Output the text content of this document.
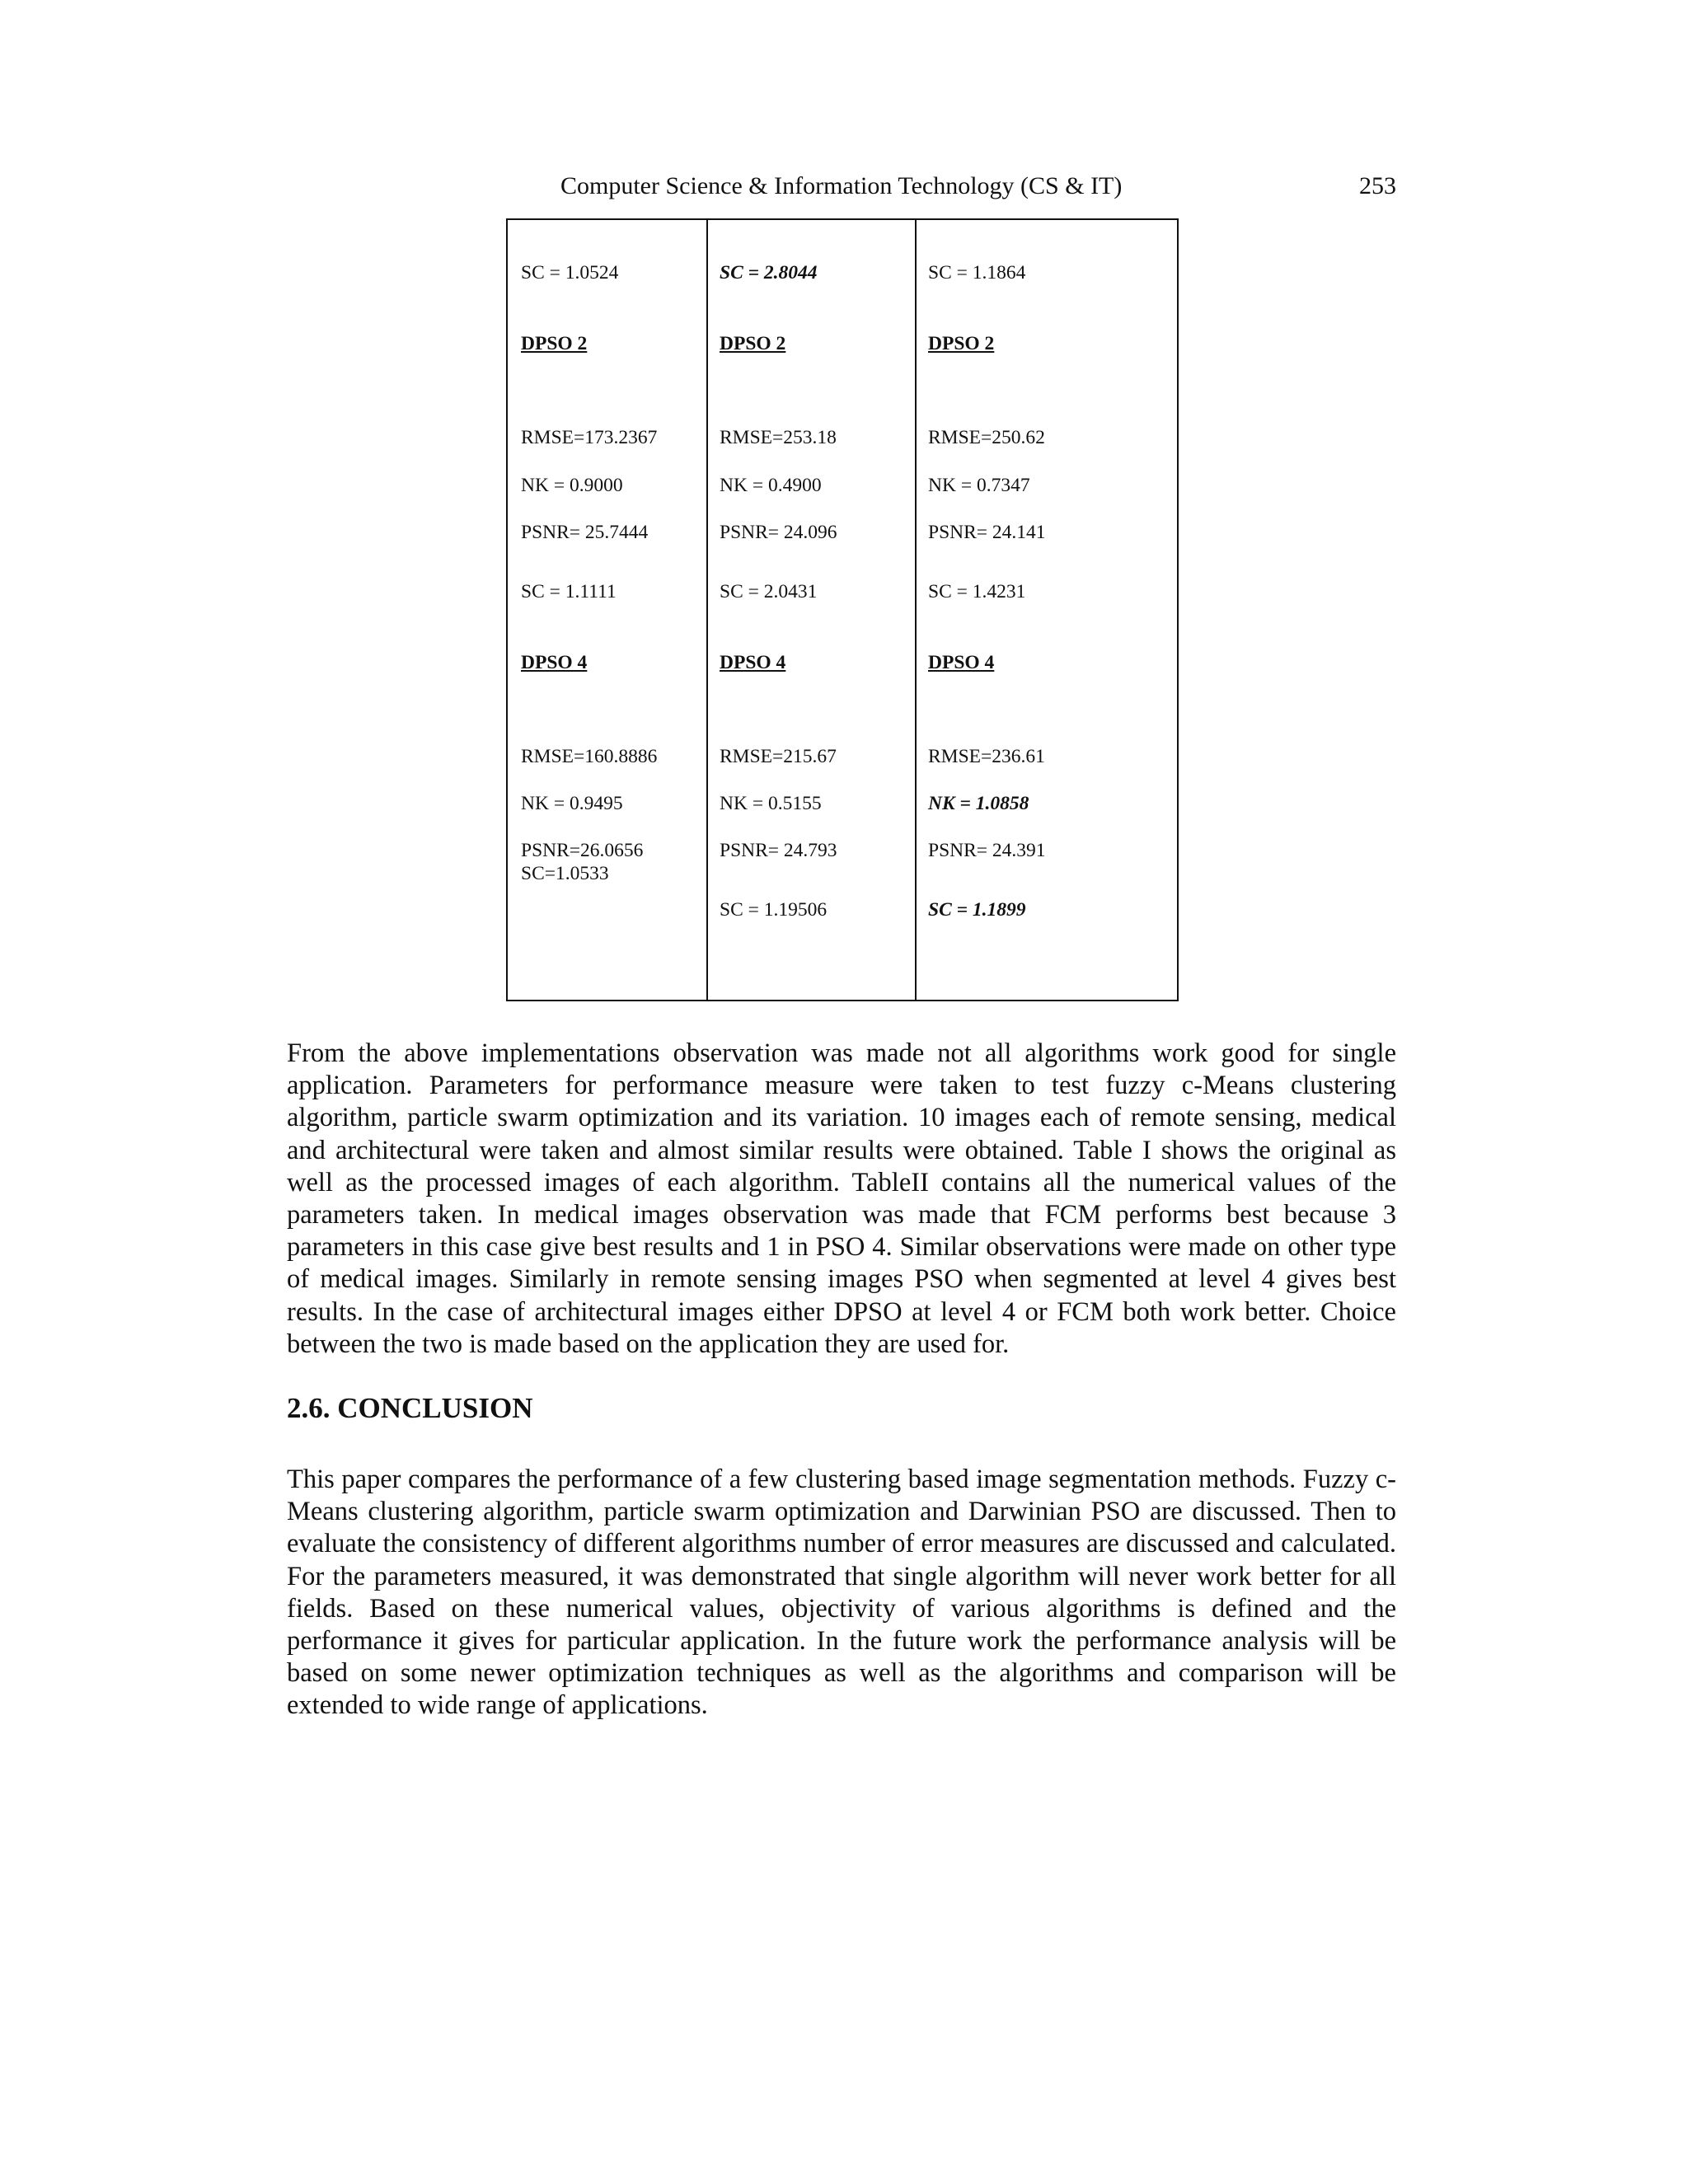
Computer Science & Information Technology (CS & IT)	253
SC = 1.0524
DPSO 2
RMSE=173.2367
NK = 0.9000
PSNR= 25.7444
SC = 1.1111
DPSO 4
RMSE=160.8886
NK = 0.9495
PSNR=26.0656
SC=1.0533
SC = 2.8044
DPSO 2
RMSE=253.18
NK = 0.4900
PSNR= 24.096
SC = 2.0431
DPSO 4
RMSE=215.67
NK = 0.5155
PSNR= 24.793
SC = 1.19506
SC = 1.1864
DPSO 2
RMSE=250.62
NK = 0.7347
PSNR= 24.141
SC = 1.4231
DPSO 4
RMSE=236.61
NK = 1.0858
PSNR= 24.391
SC = 1.1899

From the above implementations observation was made not all algorithms work good for single application. Parameters for performance measure were taken to test fuzzy c-Means clustering algorithm, particle swarm optimization and its variation. 10 images each of remote sensing, medical and architectural were taken and almost similar results were obtained. Table I shows the original as well as the processed images of each algorithm. TableII contains all the numerical values of the parameters taken. In medical images observation was made that FCM performs best because 3 parameters in this case give best results and 1 in PSO 4. Similar observations were made on other type of medical images. Similarly in remote sensing images PSO when segmented at level 4 gives best results. In the case of architectural images either DPSO at level 4 or FCM both work better. Choice between the two is made based on the application they are used for.

2.6. CONCLUSION

This paper compares the performance of a few clustering based image segmentation methods. Fuzzy c-Means clustering algorithm, particle swarm optimization and Darwinian PSO are discussed. Then to evaluate the consistency of different algorithms number of error measures are discussed and calculated. For the parameters measured, it was demonstrated that single algorithm will never work better for all fields. Based on these numerical values, objectivity of various algorithms is defined and the performance it gives for particular application. In the future work the performance analysis will be based on some newer optimization techniques as well as the algorithms and comparison will be extended to wide range of applications.
